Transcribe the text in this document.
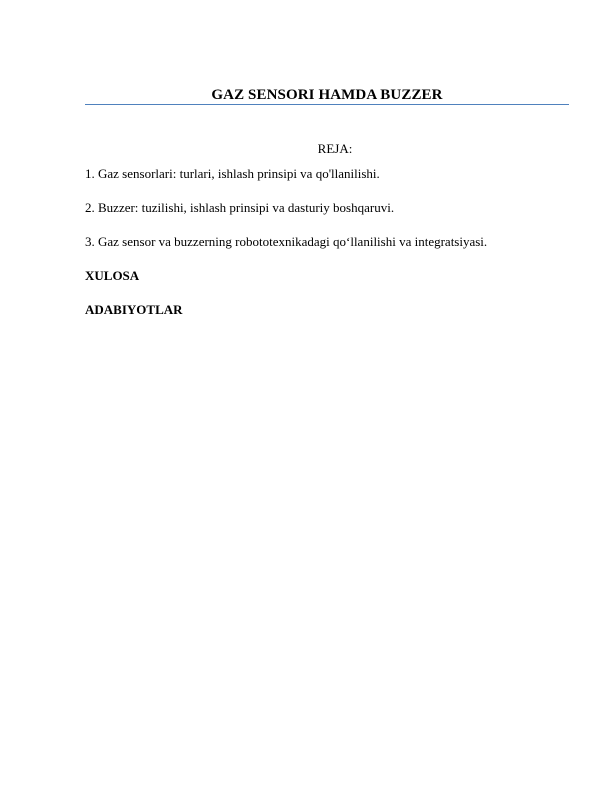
GAZ SENSORI HAMDA BUZZER
REJA:
1. Gaz sensorlari: turlari, ishlash prinsipi va qo'llanilishi.
2. Buzzer: tuzilishi, ishlash prinsipi va dasturiy boshqaruvi.
3. Gaz sensor va buzzerning robototexnikadagi qo‘llanilishi va integratsiyasi.
XULOSA
ADABIYOTLAR
